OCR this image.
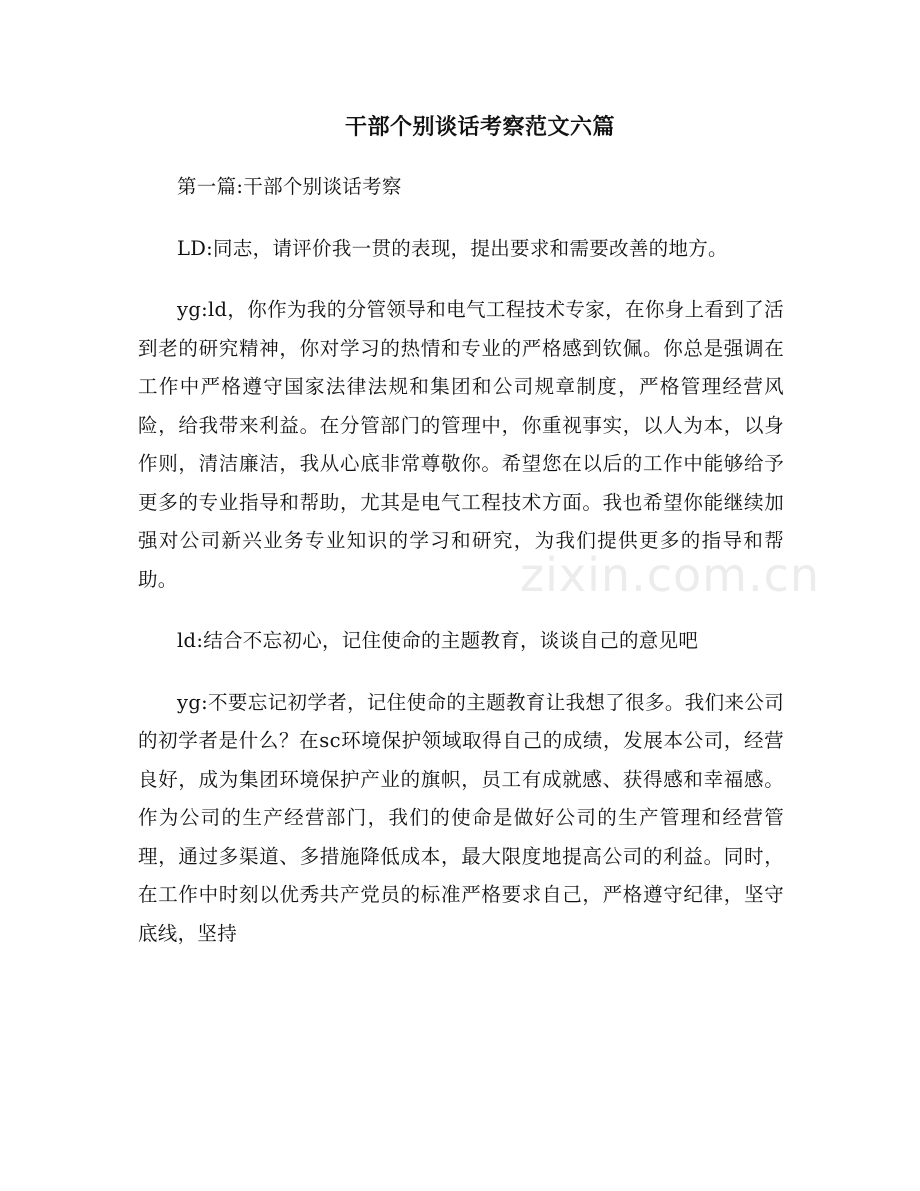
干部个别谈话考察范文六篇

第一篇:干部个别谈话考察

LD:同志，请评价我一贯的表现，提出要求和需要改善的地方。

yg:ld，你作为我的分管领导和电气工程技术专家，在你身上看到了活到老的研究精神，你对学习的热情和专业的严格感到钦佩。你总是强调在工作中严格遵守国家法律法规和集团和公司规章制度，严格管理经营风险，给我带来利益。在分管部门的管理中，你重视事实，以人为本，以身作则，清洁廉洁，我从心底非常尊敬你。希望您在以后的工作中能够给予更多的专业指导和帮助，尤其是电气工程技术方面。我也希望你能继续加强对公司新兴业务专业知识的学习和研究，为我们提供更多的指导和帮助。

ld:结合不忘初心，记住使命的主题教育，谈谈自己的意见吧

yg:不要忘记初学者，记住使命的主题教育让我想了很多。我们来公司的初学者是什么？在sc环境保护领域取得自己的成绩，发展本公司，经营良好，成为集团环境保护产业的旗帜，员工有成就感、获得感和幸福感。作为公司的生产经营部门，我们的使命是做好公司的生产管理和经营管理，通过多渠道、多措施降低成本，最大限度地提高公司的利益。同时，在工作中时刻以优秀共产党员的标准严格要求自己，严格遵守纪律，坚守底线，坚持

zixin.com.cn
